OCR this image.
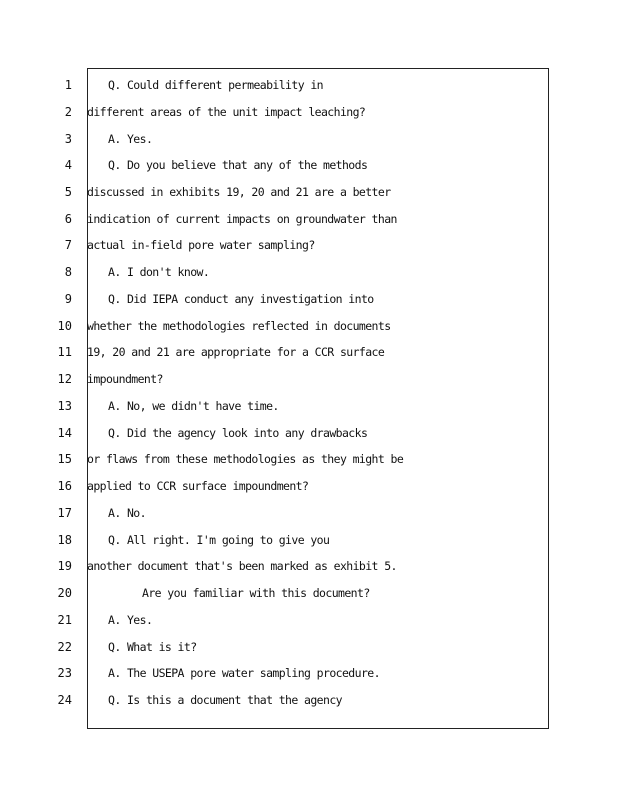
1	Q. Could different permeability in
2 different areas of the unit impact leaching?
3	A. Yes.
4	Q. Do you believe that any of the methods
5 discussed in exhibits 19, 20 and 21 are a better
6 indication of current impacts on groundwater than
7 actual in-field pore water sampling?
8	A. I don't know.
9	Q. Did IEPA conduct any investigation into
10 whether the methodologies reflected in documents
11 19, 20 and 21 are appropriate for a CCR surface
12 impoundment?
13	A. No, we didn't have time.
14	Q. Did the agency look into any drawbacks
15 or flaws from these methodologies as they might be
16 applied to CCR surface impoundment?
17	A. No.
18	Q. All right. I'm going to give you
19 another document that's been marked as exhibit 5.
20	Are you familiar with this document?
21	A. Yes.
22	Q. What is it?
23	A. The USEPA pore water sampling procedure.
24	Q. Is this a document that the agency
